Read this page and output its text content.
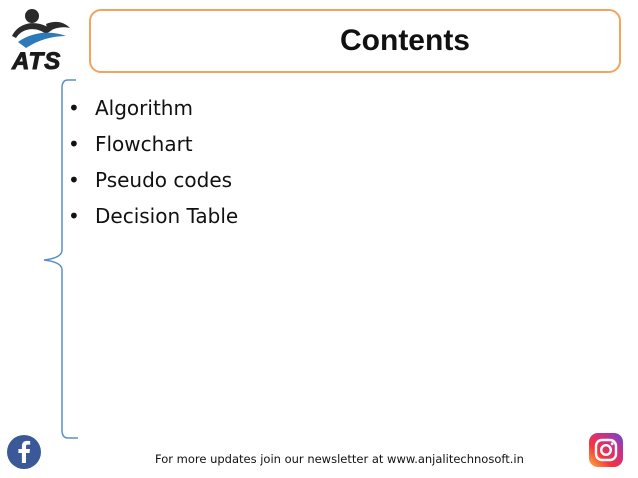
ATS
Contents
• Algorithm
• Flowchart
• Pseudo codes
• Decision Table
For more updates join our newsletter at www.anjalitechnosoft.in
